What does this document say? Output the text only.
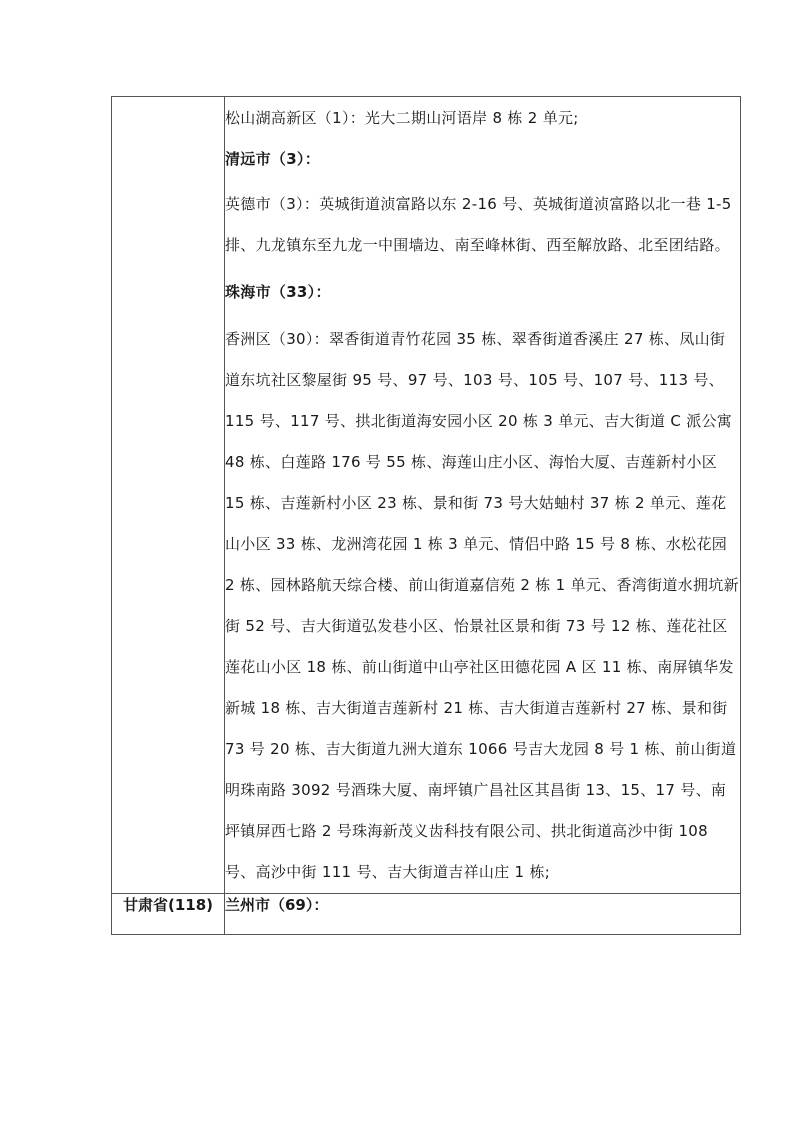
	松山湖高新区（1）：光大二期山河语岸 8 栋 2 单元;

清远市（3）：

英德市（3）：英城街道浈富路以东 2-16 号、英城街道浈富路以北一巷 1-5 排、九龙镇东至九龙一中围墙边、南至峰林街、西至解放路、北至团结路。

珠海市（33）：

香洲区（30）：翠香街道青竹花园 35 栋、翠香街道香溪庄 27 栋、凤山街道东坑社区黎屋街 95 号、97 号、103 号、105 号、107 号、113 号、115 号、117 号、拱北街道海安园小区 20 栋 3 单元、吉大街道 C 派公寓 48 栋、白莲路 176 号 55 栋、海莲山庄小区、海怡大厦、吉莲新村小区 15 栋、吉莲新村小区 23 栋、景和街 73 号大姑蚰村 37 栋 2 单元、莲花山小区 33 栋、龙洲湾花园 1 栋 3 单元、情侣中路 15 号 8 栋、水松花园 2 栋、园林路航天综合楼、前山街道嘉信苑 2 栋 1 单元、香湾街道水拥坑新街 52 号、吉大街道弘发巷小区、怡景社区景和街 73 号 12 栋、莲花社区莲花山小区 18 栋、前山街道中山亭社区田德花园 A 区 11 栋、南屏镇华发新城 18 栋、吉大街道吉莲新村 21 栋、吉大街道吉莲新村 27 栋、景和街 73 号 20 栋、吉大街道九洲大道东 1066 号吉大龙园 8 号 1 栋、前山街道明珠南路 3092 号酒珠大厦、南坪镇广昌社区其昌街 13、15、17 号、南坪镇屏西七路 2 号珠海新茂义齿科技有限公司、拱北街道高沙中街 108 号、高沙中街 111 号、吉大街道吉祥山庄 1 栋;

甘肃省(118)	兰州市（69）：
